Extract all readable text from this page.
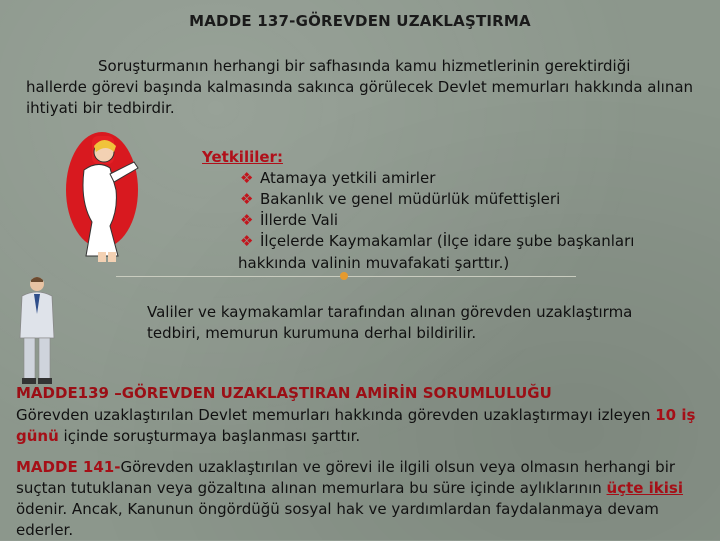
MADDE 137-GÖREVDEN UZAKLAŞTIRMA
Soruşturmanın herhangi bir safhasında kamu hizmetlerinin gerektirdiği hallerde görevi başında kalmasında sakınca görülecek Devlet memurları hakkında alınan ihtiyati bir tedbirdir.
Yetkililer:
❖ Atamaya yetkili amirler
❖ Bakanlık ve genel müdürlük müfettişleri
❖ İllerde Vali
❖ İlçelerde Kaymakamlar (İlçe idare şube başkanları
hakkında valinin muvafakati şarttır.)
Valiler ve kaymakamlar tarafından alınan görevden uzaklaştırma tedbiri, memurun kurumuna derhal bildirilir.
MADDE139 –GÖREVDEN UZAKLAŞTIRAN AMİRİN SORUMLULUĞU
Görevden uzaklaştırılan Devlet memurları hakkında görevden uzaklaştırmayı izleyen 10 iş günü içinde soruşturmaya başlanması şarttır.
MADDE 141-Görevden uzaklaştırılan ve görevi ile ilgili olsun veya olmasın herhangi bir suçtan tutuklanan veya gözaltına alınan memurlara bu süre içinde aylıklarının üçte ikisi ödenir. Ancak, Kanunun öngördüğü sosyal hak ve yardımlardan faydalanmaya devam ederler.
